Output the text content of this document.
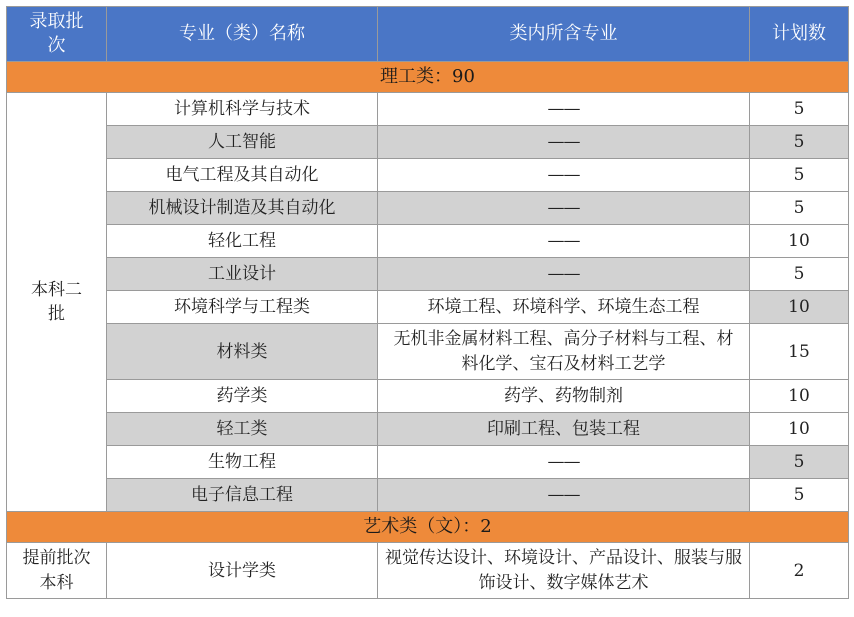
录取批次	专业（类）名称	类内所含专业	计划数
理工类：90			
本科二批	计算机科学与技术	——	5
	人工智能	——	5
	电气工程及其自动化	——	5
	机械设计制造及其自动化	——	5
	轻化工程	——	10
	工业设计	——	5
	环境科学与工程类	环境工程、环境科学、环境生态工程	10
	材料类	无机非金属材料工程、高分子材料与工程、材料化学、宝石及材料工艺学	15
	药学类	药学、药物制剂	10
	轻工类	印刷工程、包装工程	10
	生物工程	——	5
	电子信息工程	——	5
艺术类（文）：2			
提前批次本科	设计学类	视觉传达设计、环境设计、产品设计、服装与服饰设计、数字媒体艺术	2
